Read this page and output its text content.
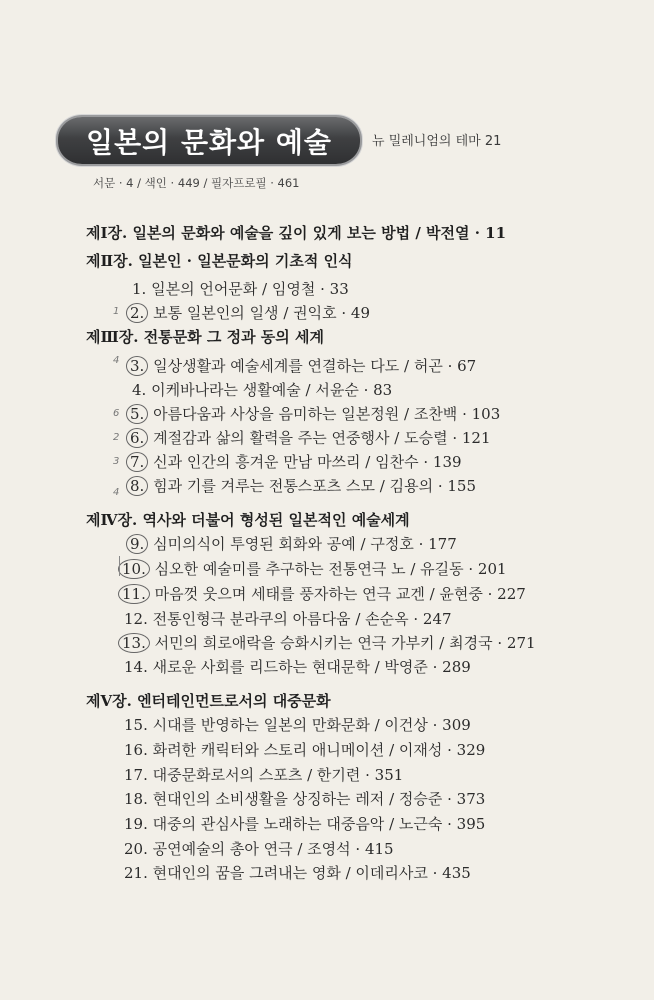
일본의 문화와 예술	뉴 밀레니엄의 테마 21
서문 · 4 / 색인 · 449 / 필자프로필 · 461
제Ⅰ장. 일본의 문화와 예술을 깊이 있게 보는 방법 / 박전열 · 11
제Ⅱ장. 일본인 · 일본문화의 기초적 인식
1. 일본의 언어문화 / 임영철 · 33
2. 보통 일본인의 일생 / 권익호 · 49
제Ⅲ장. 전통문화 그 정과 동의 세계
3. 일상생활과 예술세계를 연결하는 다도 / 허곤 · 67
4. 이케바나라는 생활예술 / 서윤순 · 83
5. 아름다움과 사상을 음미하는 일본정원 / 조찬백 · 103
6. 계절감과 삶의 활력을 주는 연중행사 / 도승렬 · 121
7. 신과 인간의 흥겨운 만남 마쓰리 / 임찬수 · 139
8. 힘과 기를 겨루는 전통스포츠 스모 / 김용의 · 155
제Ⅳ장. 역사와 더불어 형성된 일본적인 예술세계
9. 심미의식이 투영된 회화와 공예 / 구정호 · 177
10. 심오한 예술미를 추구하는 전통연극 노 / 유길동 · 201
11. 마음껏 웃으며 세태를 풍자하는 연극 교겐 / 윤현중 · 227
12. 전통인형극 분라쿠의 아름다움 / 손순옥 · 247
13. 서민의 희로애락을 승화시키는 연극 가부키 / 최경국 · 271
14. 새로운 사회를 리드하는 현대문학 / 박영준 · 289
제Ⅴ장. 엔터테인먼트로서의 대중문화
15. 시대를 반영하는 일본의 만화문화 / 이건상 · 309
16. 화려한 캐릭터와 스토리 애니메이션 / 이재성 · 329
17. 대중문화로서의 스포츠 / 한기련 · 351
18. 현대인의 소비생활을 상징하는 레저 / 정승준 · 373
19. 대중의 관심사를 노래하는 대중음악 / 노근숙 · 395
20. 공연예술의 총아 연극 / 조영석 · 415
21. 현대인의 꿈을 그려내는 영화 / 이데리사코 · 435
1
4
6
2
3
4
